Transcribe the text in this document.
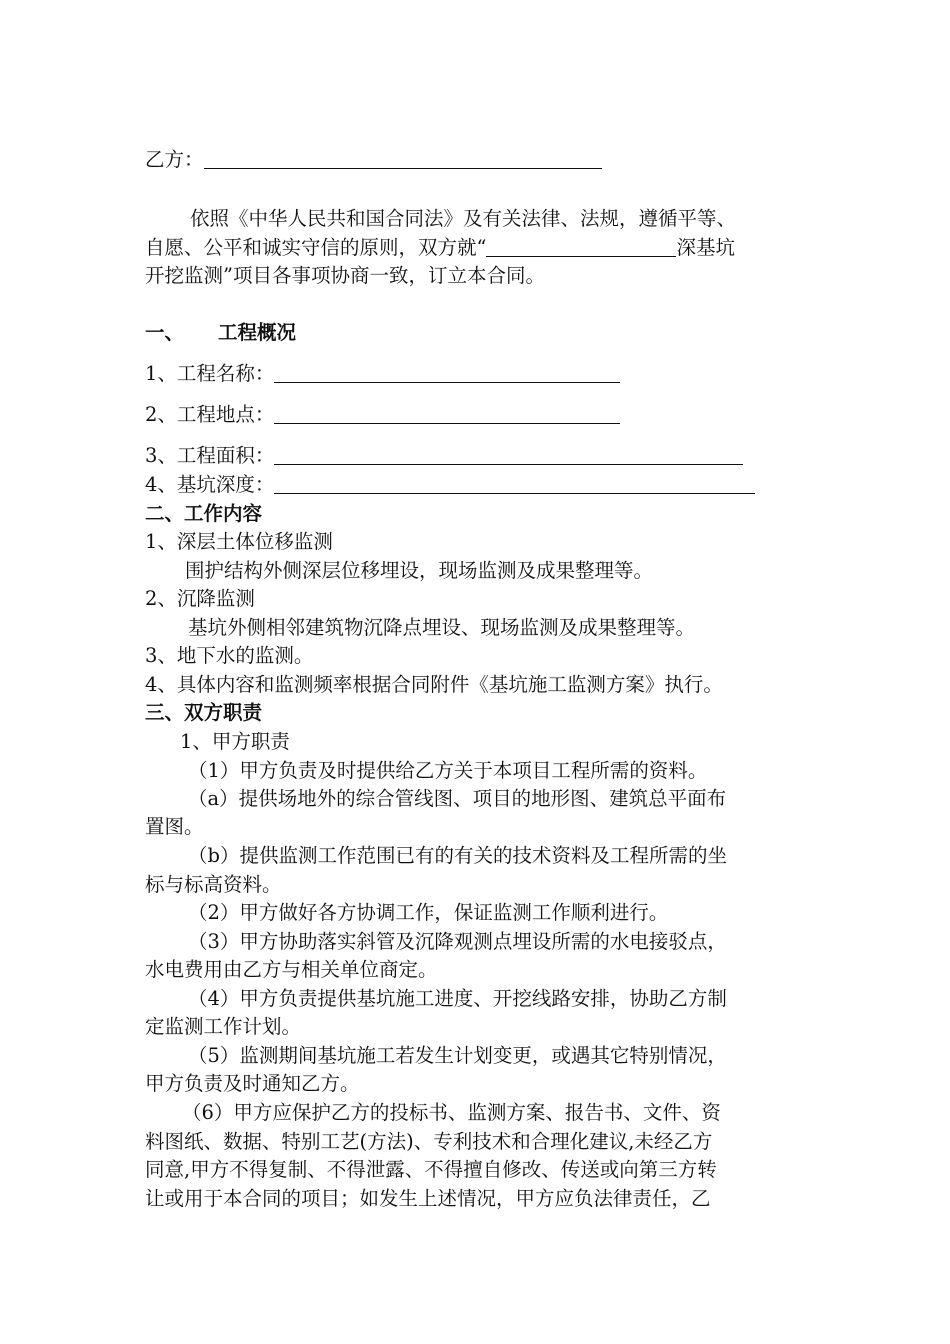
乙方：
依照《中华人民共和国合同法》及有关法律、法规，遵循平等、
自愿、公平和诚实守信的原则，双方就“	深基坑
开挖监测”项目各事项协商一致，订立本合同。
一、 工程概况
1、工程名称：
2、工程地点：
3、工程面积：
4、基坑深度：
二、工作内容
1、深层土体位移监测
围护结构外侧深层位移埋设，现场监测及成果整理等。
2、沉降监测
基坑外侧相邻建筑物沉降点埋设、现场监测及成果整理等。
3、地下水的监测。
4、具体内容和监测频率根据合同附件《基坑施工监测方案》执行。
三、双方职责
1、甲方职责
（1）甲方负责及时提供给乙方关于本项目工程所需的资料。
（a）提供场地外的综合管线图、项目的地形图、建筑总平面布
置图。
（b）提供监测工作范围已有的有关的技术资料及工程所需的坐
标与标高资料。
（2）甲方做好各方协调工作，保证监测工作顺利进行。
（3）甲方协助落实斜管及沉降观测点埋设所需的水电接驳点，
水电费用由乙方与相关单位商定。
（4）甲方负责提供基坑施工进度、开挖线路安排，协助乙方制
定监测工作计划。
（5）监测期间基坑施工若发生计划变更，或遇其它特别情况，
甲方负责及时通知乙方。
（6）甲方应保护乙方的投标书、监测方案、报告书、文件、资
料图纸、数据、特别工艺(方法)、专利技术和合理化建议,未经乙方
同意,甲方不得复制、不得泄露、不得擅自修改、传送或向第三方转
让或用于本合同的项目；如发生上述情况，甲方应负法律责任，乙
